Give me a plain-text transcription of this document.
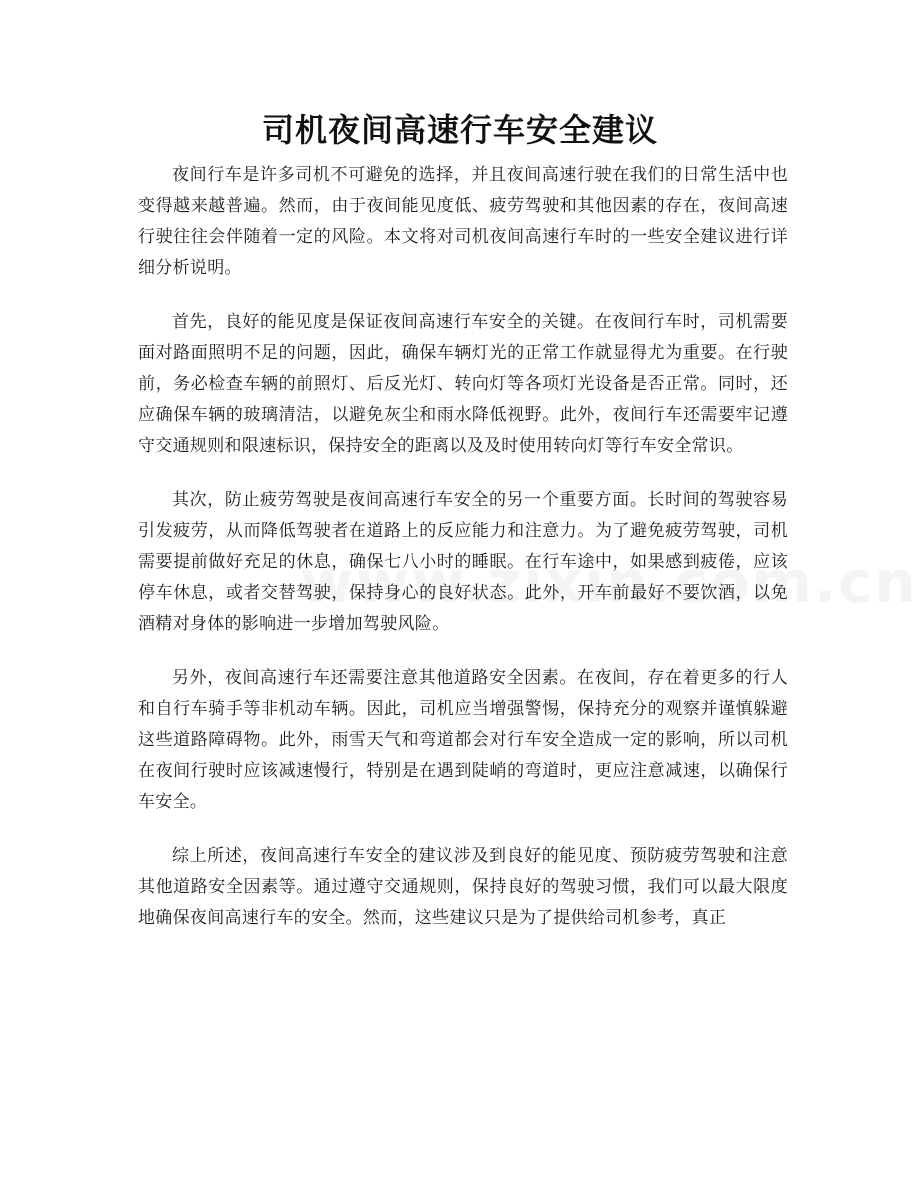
司机夜间高速行车安全建议

夜间行车是许多司机不可避免的选择，并且夜间高速行驶在我们的日常生活中也变得越来越普遍。然而，由于夜间能见度低、疲劳驾驶和其他因素的存在，夜间高速行驶往往会伴随着一定的风险。本文将对司机夜间高速行车时的一些安全建议进行详细分析说明。

首先，良好的能见度是保证夜间高速行车安全的关键。在夜间行车时，司机需要面对路面照明不足的问题，因此，确保车辆灯光的正常工作就显得尤为重要。在行驶前，务必检查车辆的前照灯、后反光灯、转向灯等各项灯光设备是否正常。同时，还应确保车辆的玻璃清洁，以避免灰尘和雨水降低视野。此外，夜间行车还需要牢记遵守交通规则和限速标识，保持安全的距离以及及时使用转向灯等行车安全常识。

其次，防止疲劳驾驶是夜间高速行车安全的另一个重要方面。长时间的驾驶容易引发疲劳，从而降低驾驶者在道路上的反应能力和注意力。为了避免疲劳驾驶，司机需要提前做好充足的休息，确保七八小时的睡眠。在行车途中，如果感到疲倦，应该停车休息，或者交替驾驶，保持身心的良好状态。此外，开车前最好不要饮酒，以免酒精对身体的影响进一步增加驾驶风险。

另外，夜间高速行车还需要注意其他道路安全因素。在夜间，存在着更多的行人和自行车骑手等非机动车辆。因此，司机应当增强警惕，保持充分的观察并谨慎躲避这些道路障碍物。此外，雨雪天气和弯道都会对行车安全造成一定的影响，所以司机在夜间行驶时应该减速慢行，特别是在遇到陡峭的弯道时，更应注意减速，以确保行车安全。

综上所述，夜间高速行车安全的建议涉及到良好的能见度、预防疲劳驾驶和注意其他道路安全因素等。通过遵守交通规则，保持良好的驾驶习惯，我们可以最大限度地确保夜间高速行车的安全。然而，这些建议只是为了提供给司机参考，真正
